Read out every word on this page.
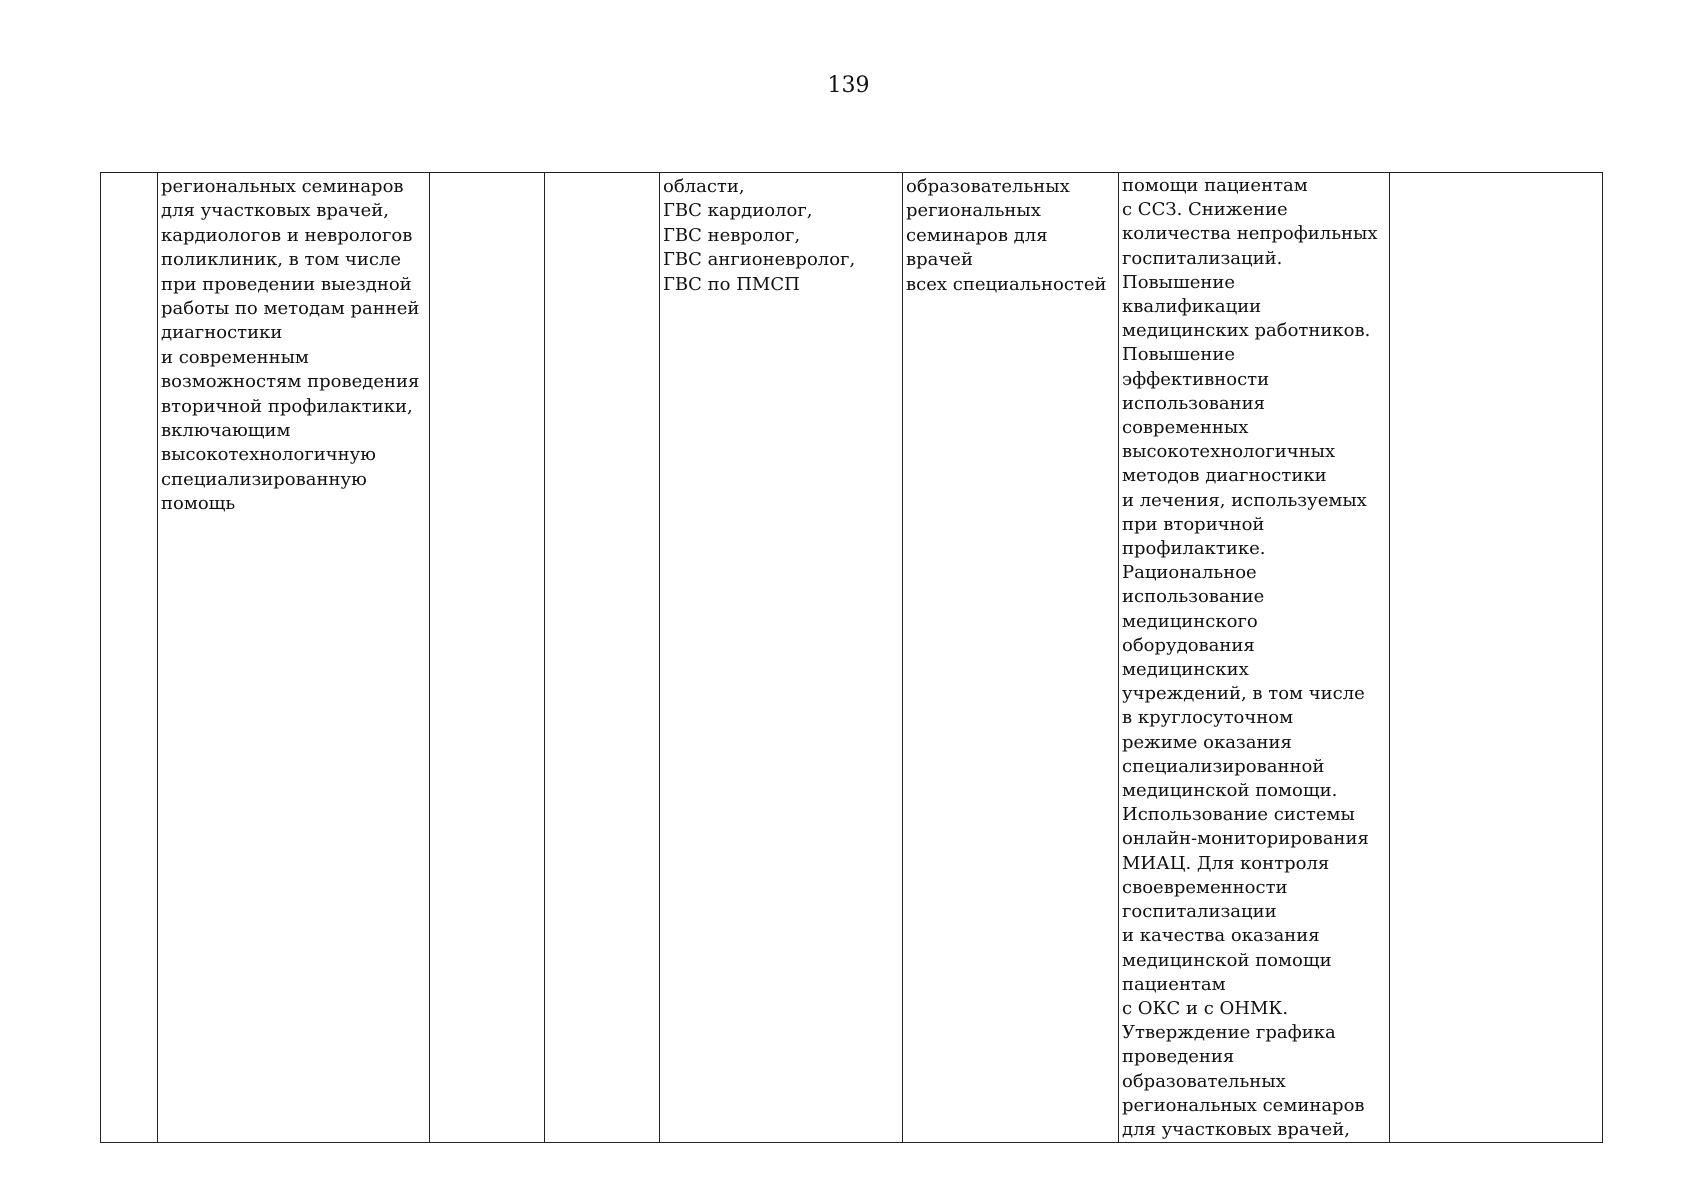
139
	региональных семинаров
для участковых врачей,
кардиологов и неврологов
поликлиник, в том числе
при проведении выездной
работы по методам ранней
диагностики
и современным
возможностям проведения
вторичной профилактики,
включающим
высокотехнологичную
специализированную
помощь			области,
ГВС кардиолог,
ГВС невролог,
ГВС ангионевролог,
ГВС по ПМСП	образовательных
региональных
семинаров для врачей
всех специальностей	помощи пациентам
с ССЗ. Снижение
количества непрофильных
госпитализаций.
Повышение
квалификации
медицинских работников.
Повышение эффективности
использования
современных
высокотехнологичных
методов диагностики
и лечения, используемых
при вторичной
профилактике.
Рациональное
использование
медицинского
оборудования медицинских
учреждений, в том числе
в круглосуточном
режиме оказания
специализированной
медицинской помощи.
Использование системы
онлайн-мониторирования
МИАЦ. Для контроля
своевременности
госпитализации
и качества оказания
медицинской помощи
пациентам
с ОКС и с ОНМК.
Утверждение графика
проведения
образовательных
региональных семинаров
для участковых врачей,	
